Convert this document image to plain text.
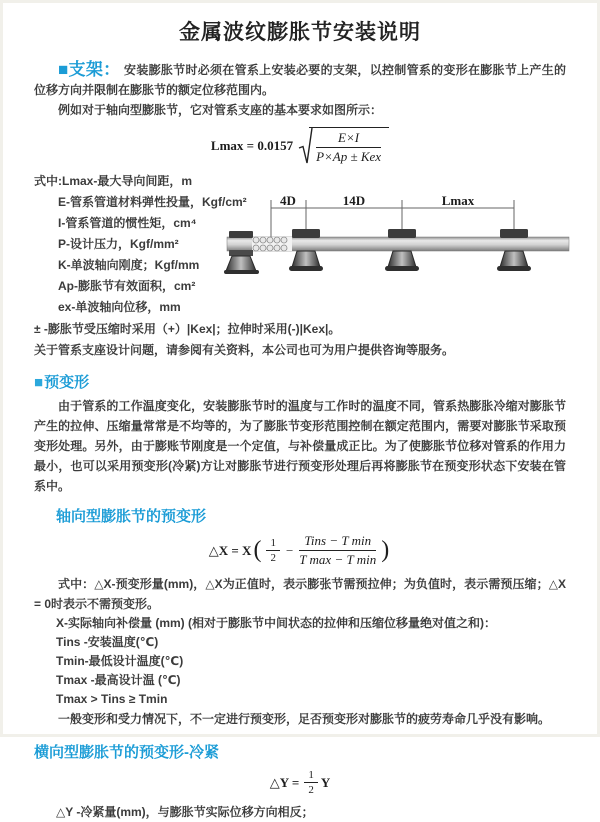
金属波纹膨胀节安装说明
■支架： 安装膨胀节时必须在管系上安装必要的支架，以控制管系的变形在膨胀节上产生的位移方向并限制在膨胀节的额定位移范围内。
例如对于轴向型膨胀节，它对管系支座的基本要求如图所示：
$Lmax = 0.0157 \frac{E\times I}{\text{P×Ap ± Kex}}$
式中:Lmax-最大导向间距，m
E-管系管道材料弹性投量，Kgf/cm²
I-管系管道的惯性矩，cm⁴
P-设计压力，Kgf/mm²
K-单波轴向刚度；Kgf/mm
Ap-膨胀节有效面积，cm²
ex-单波轴向位移，mm
4D	14D	Lmax
± -膨胀节受压缩时采用（+）|Kex|；拉伸时采用(-)|Kex|。
关于管系支座设计问题，请参阅有关资料，本公司也可为用户提供咨询等服务。
■预变形
由于管系的工作温度变化，安装膨胀节时的温度与工作时的温度不同，管系热膨胀冷缩对膨胀节产生的拉伸、压缩量常常是不均等的，为了膨胀节变形范围控制在额定范围内，需要对膨胀节采取预变形处理。另外，由于膨账节刚度是一个定值，与补偿量成正比。为了使膨胀节位移对管系的作用力最小，也可以采用预变形(冷紧)方让对膨胀节进行预变形处理后再将膨胀节在预变形状态下安装在管系中。
轴向型膨胀节的预变形
△X = X ( $\frac{1}{2} - \frac{\text{Tins − T min}}{\text{T max − T min}}$ )
式中：△X-预变形量(mm)，△X为正值时，表示膨张节需预拉伸；为负值时，表示需预压缩；△X = 0时表示不需预变形。
X-实际轴向补偿量 (mm) (相对于膨胀节中间状态的拉伸和压缩位移量绝对值之和)：
Tins -安装温度(℃)
Tmin-最低设计温度(℃)
Tmax -最高设计温 (℃)
Tmax > Tins ≥ Tmin
一般变形和受力情况下，不一定进行预变形，足否预变形对膨胀节的疲劳寿命几乎没有影响。
横向型膨胀节的预变形-冷紧
△Y = $\frac{1}{2}$ Y
△Y -冷紧量(mm)，与膨胀节实际位移方向相反；
